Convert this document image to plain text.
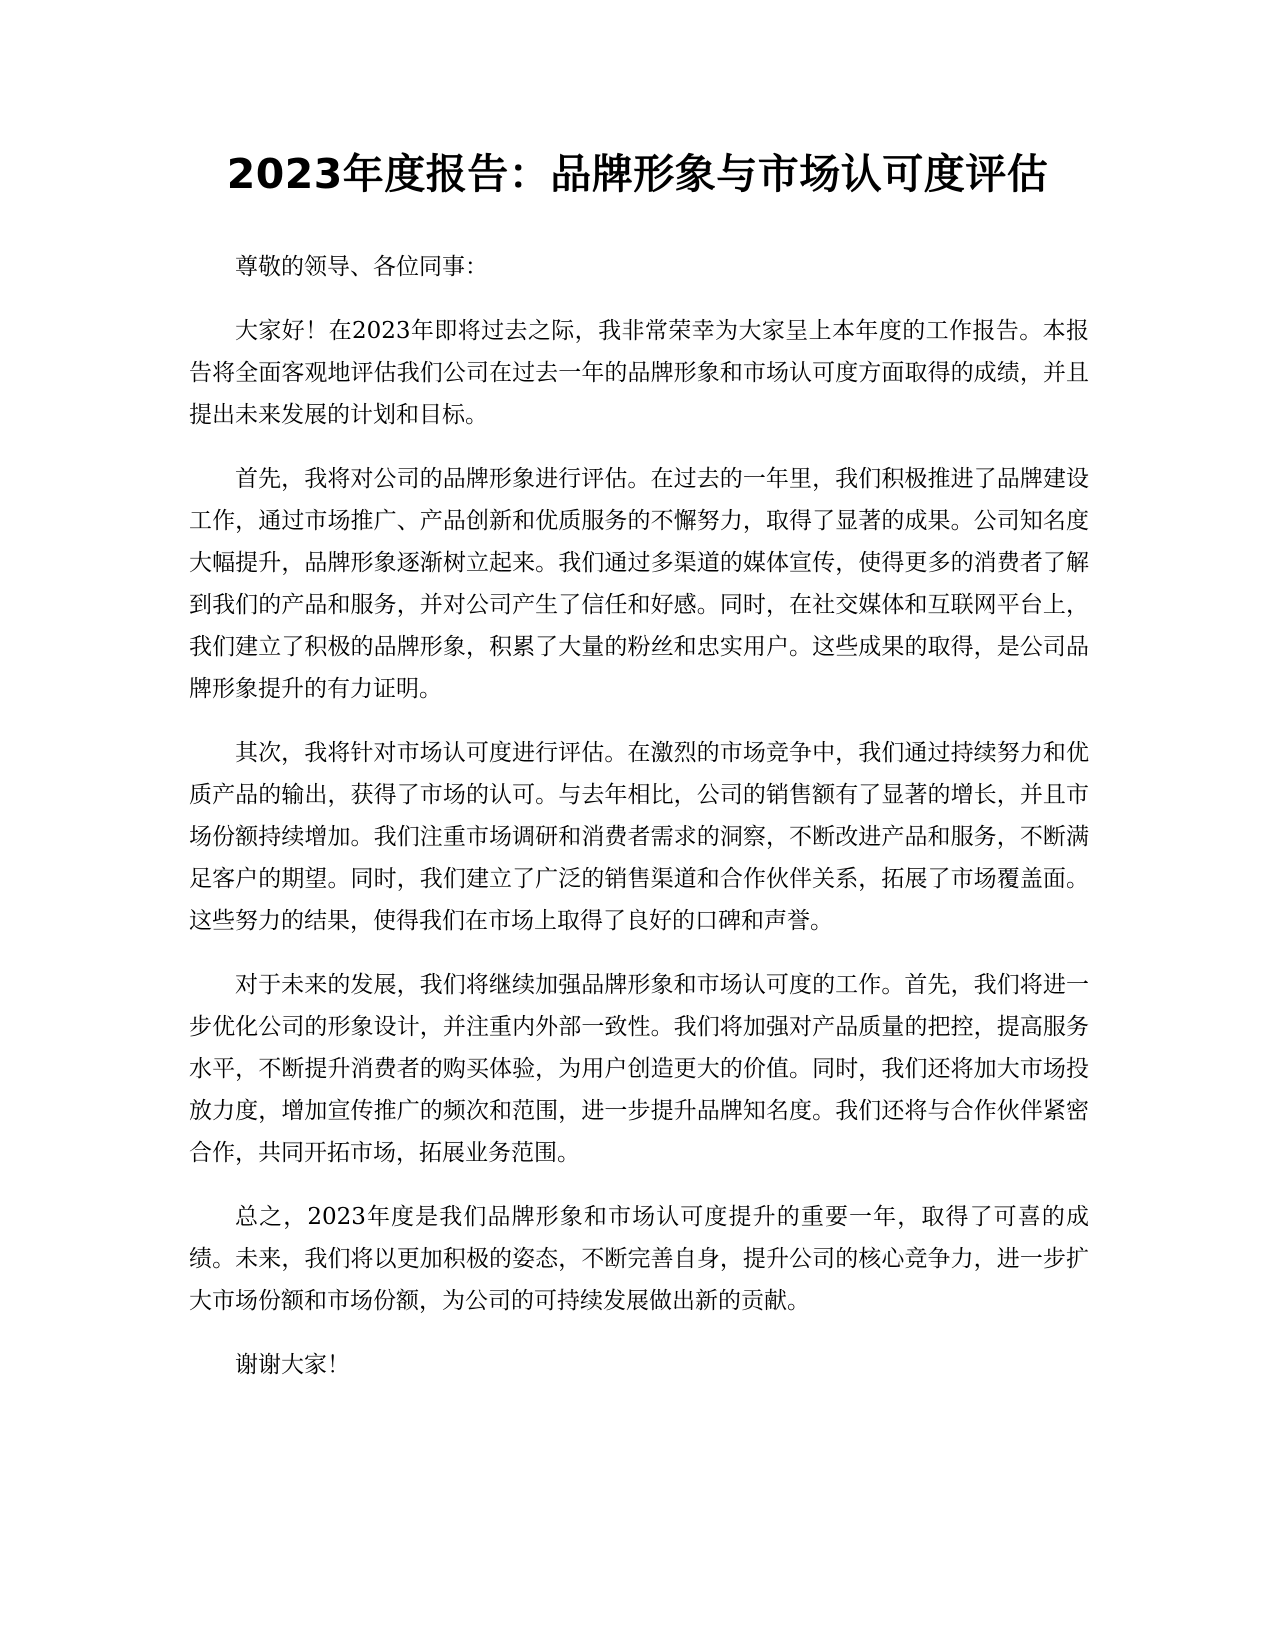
2023年度报告：品牌形象与市场认可度评估

尊敬的领导、各位同事：

大家好！在2023年即将过去之际，我非常荣幸为大家呈上本年度的工作报告。本报告将全面客观地评估我们公司在过去一年的品牌形象和市场认可度方面取得的成绩，并且提出未来发展的计划和目标。

首先，我将对公司的品牌形象进行评估。在过去的一年里，我们积极推进了品牌建设工作，通过市场推广、产品创新和优质服务的不懈努力，取得了显著的成果。公司知名度大幅提升，品牌形象逐渐树立起来。我们通过多渠道的媒体宣传，使得更多的消费者了解到我们的产品和服务，并对公司产生了信任和好感。同时，在社交媒体和互联网平台上，我们建立了积极的品牌形象，积累了大量的粉丝和忠实用户。这些成果的取得，是公司品牌形象提升的有力证明。

其次，我将针对市场认可度进行评估。在激烈的市场竞争中，我们通过持续努力和优质产品的输出，获得了市场的认可。与去年相比，公司的销售额有了显著的增长，并且市场份额持续增加。我们注重市场调研和消费者需求的洞察，不断改进产品和服务，不断满足客户的期望。同时，我们建立了广泛的销售渠道和合作伙伴关系，拓展了市场覆盖面。这些努力的结果，使得我们在市场上取得了良好的口碑和声誉。

对于未来的发展，我们将继续加强品牌形象和市场认可度的工作。首先，我们将进一步优化公司的形象设计，并注重内外部一致性。我们将加强对产品质量的把控，提高服务水平，不断提升消费者的购买体验，为用户创造更大的价值。同时，我们还将加大市场投放力度，增加宣传推广的频次和范围，进一步提升品牌知名度。我们还将与合作伙伴紧密合作，共同开拓市场，拓展业务范围。

总之，2023年度是我们品牌形象和市场认可度提升的重要一年，取得了可喜的成绩。未来，我们将以更加积极的姿态，不断完善自身，提升公司的核心竞争力，进一步扩大市场份额和市场份额，为公司的可持续发展做出新的贡献。

谢谢大家！
